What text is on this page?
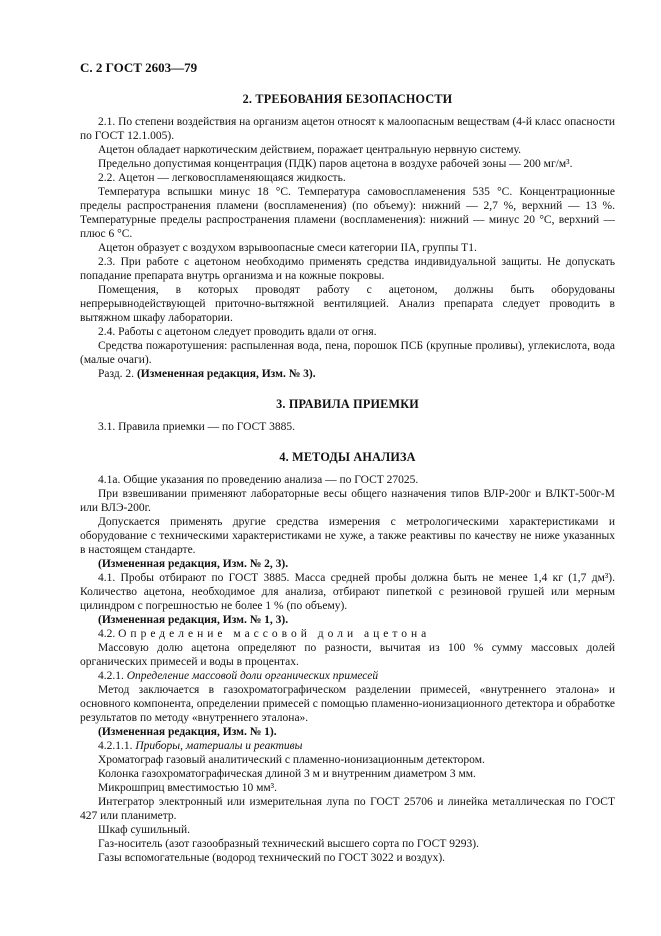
С. 2 ГОСТ 2603—79
2. ТРЕБОВАНИЯ БЕЗОПАСНОСТИ

2.1. По степени воздействия на организм ацетон относят к малоопасным веществам (4-й класс опасности по ГОСТ 12.1.005).

Ацетон обладает наркотическим действием, поражает центральную нервную систему.

Предельно допустимая концентрация (ПДК) паров ацетона в воздухе рабочей зоны — 200 мг/м³.

2.2. Ацетон — легковоспламеняющаяся жидкость.

Температура вспышки минус 18 °С. Температура самовоспламенения 535 °С. Концентрационные пределы распространения пламени (воспламенения) (по объему): нижний — 2,7 %, верхний — 13 %. Температурные пределы распространения пламени (воспламенения): нижний — минус 20 °С, верхний — плюс 6 °С.

Ацетон образует с воздухом взрывоопасные смеси категории IIA, группы T1.

2.3. При работе с ацетоном необходимо применять средства индивидуальной защиты. Не допускать попадание препарата внутрь организма и на кожные покровы.

Помещения, в которых проводят работу с ацетоном, должны быть оборудованы непрерывнодействующей приточно-вытяжной вентиляцией. Анализ препарата следует проводить в вытяжном шкафу лаборатории.

2.4. Работы с ацетоном следует проводить вдали от огня.

Средства пожаротушения: распыленная вода, пена, порошок ПСБ (крупные проливы), углекислота, вода (малые очаги).

Разд. 2. (Измененная редакция, Изм. № 3).

3. ПРАВИЛА ПРИЕМКИ

3.1. Правила приемки — по ГОСТ 3885.

4. МЕТОДЫ АНАЛИЗА

4.1а. Общие указания по проведению анализа — по ГОСТ 27025.

При взвешивании применяют лабораторные весы общего назначения типов ВЛР-200г и ВЛКТ-500г-М или ВЛЭ-200г.

Допускается применять другие средства измерения с метрологическими характеристиками и оборудование с техническими характеристиками не хуже, а также реактивы по качеству не ниже указанных в настоящем стандарте.

(Измененная редакция, Изм. № 2, 3).

4.1. Пробы отбирают по ГОСТ 3885. Масса средней пробы должна быть не менее 1,4 кг (1,7 дм³). Количество ацетона, необходимое для анализа, отбирают пипеткой с резиновой грушей или мерным цилиндром с погрешностью не более 1 % (по объему).

(Измененная редакция, Изм. № 1, 3).

4.2. Определение массовой доли ацетона

Массовую долю ацетона определяют по разности, вычитая из 100 % сумму массовых долей органических примесей и воды в процентах.

4.2.1. Определение массовой доли органических примесей

Метод заключается в газохроматографическом разделении примесей, «внутреннего эталона» и основного компонента, определении примесей с помощью пламенно-ионизационного детектора и обработке результатов по методу «внутреннего эталона».

(Измененная редакция, Изм. № 1).

4.2.1.1. Приборы, материалы и реактивы

Хроматограф газовый аналитический с пламенно-ионизационным детектором.

Колонка газохроматографическая длиной 3 м и внутренним диаметром 3 мм.

Микрошприц вместимостью 10 мм³.

Интегратор электронный или измерительная лупа по ГОСТ 25706 и линейка металлическая по ГОСТ 427 или планиметр.

Шкаф сушильный.

Газ-носитель (азот газообразный технический высшего сорта по ГОСТ 9293).

Газы вспомогательные (водород технический по ГОСТ 3022 и воздух).
